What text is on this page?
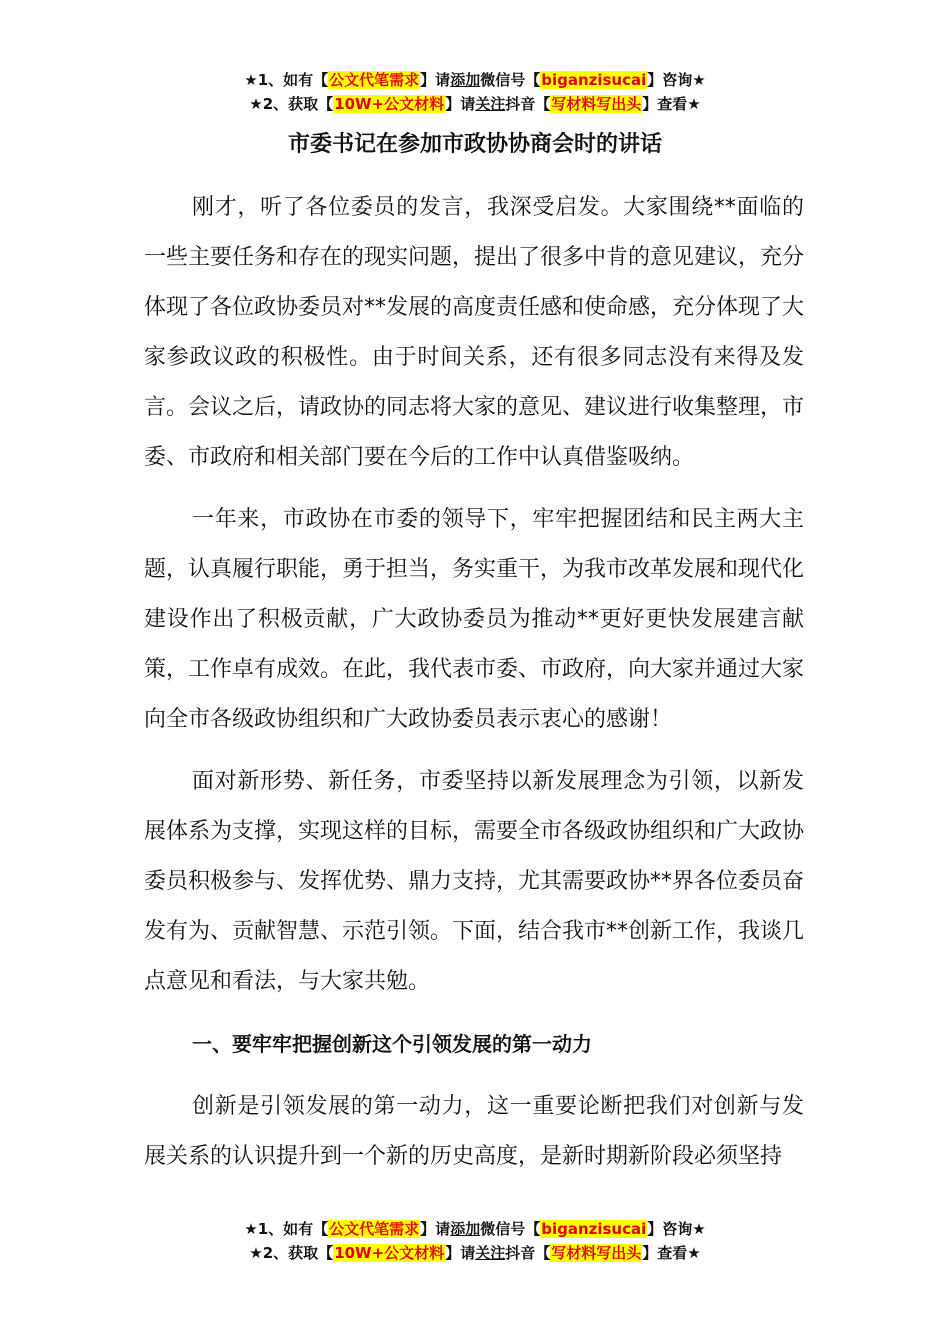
★1、如有【公文代笔需求】请添加微信号【biganzisucai】咨询★
★2、获取【10W+公文材料】请关注抖音【写材料写出头】查看★
市委书记在参加市政协协商会时的讲话

刚才，听了各位委员的发言，我深受启发。大家围绕**面临的一些主要任务和存在的现实问题，提出了很多中肯的意见建议，充分体现了各位政协委员对**发展的高度责任感和使命感，充分体现了大家参政议政的积极性。由于时间关系，还有很多同志没有来得及发言。会议之后，请政协的同志将大家的意见、建议进行收集整理，市委、市政府和相关部门要在今后的工作中认真借鉴吸纳。

一年来，市政协在市委的领导下，牢牢把握团结和民主两大主题，认真履行职能，勇于担当，务实重干，为我市改革发展和现代化建设作出了积极贡献，广大政协委员为推动**更好更快发展建言献策，工作卓有成效。在此，我代表市委、市政府，向大家并通过大家向全市各级政协组织和广大政协委员表示衷心的感谢！

面对新形势、新任务，市委坚持以新发展理念为引领，以新发展体系为支撑，实现这样的目标，需要全市各级政协组织和广大政协委员积极参与、发挥优势、鼎力支持，尤其需要政协**界各位委员奋发有为、贡献智慧、示范引领。下面，结合我市**创新工作，我谈几点意见和看法，与大家共勉。

一、要牢牢把握创新这个引领发展的第一动力

创新是引领发展的第一动力，这一重要论断把我们对创新与发展关系的认识提升到一个新的历史高度，是新时期新阶段必须坚持

★1、如有【公文代笔需求】请添加微信号【biganzisucai】咨询★
★2、获取【10W+公文材料】请关注抖音【写材料写出头】查看★
